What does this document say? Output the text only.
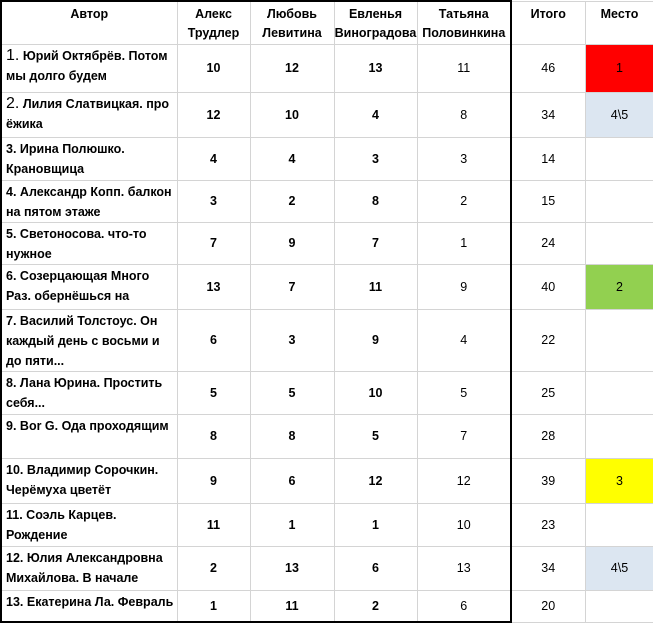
Автор	Алекс Трудлер	Любовь Левитина	Евленья Виноградова	Татьяна Половинкина	Итого	Место
1. Юрий Октябрёв. Потом мы долго будем	10	12	13	11	46	1
2. Лилия Слатвицкая. про ёжика	12	10	4	8	34	4\5
3. Ирина Полюшко. Крановщица	4	4	3	3	14	
4. Александр Копп. балкон на пятом этаже	3	2	8	2	15	
5. Светоносова. что-то нужное	7	9	7	1	24	
6. Созерцающая Много Раз. обернёшься на	13	7	11	9	40	2
7. Василий Толстоус. Он каждый день с восьми и до пяти...	6	3	9	4	22	
8. Лана Юрина. Простить себя...	5	5	10	5	25	
9. Bor G. Ода проходящим	8	8	5	7	28	
10. Владимир Сорочкин. Черёмуха цветёт	9	6	12	12	39	3
11. Соэль Карцев. Рождение	11	1	1	10	23	
12. Юлия Александровна Михайлова. В начале	2	13	6	13	34	4\5
13. Екатерина Ла. Февраль	1	11	2	6	20	
